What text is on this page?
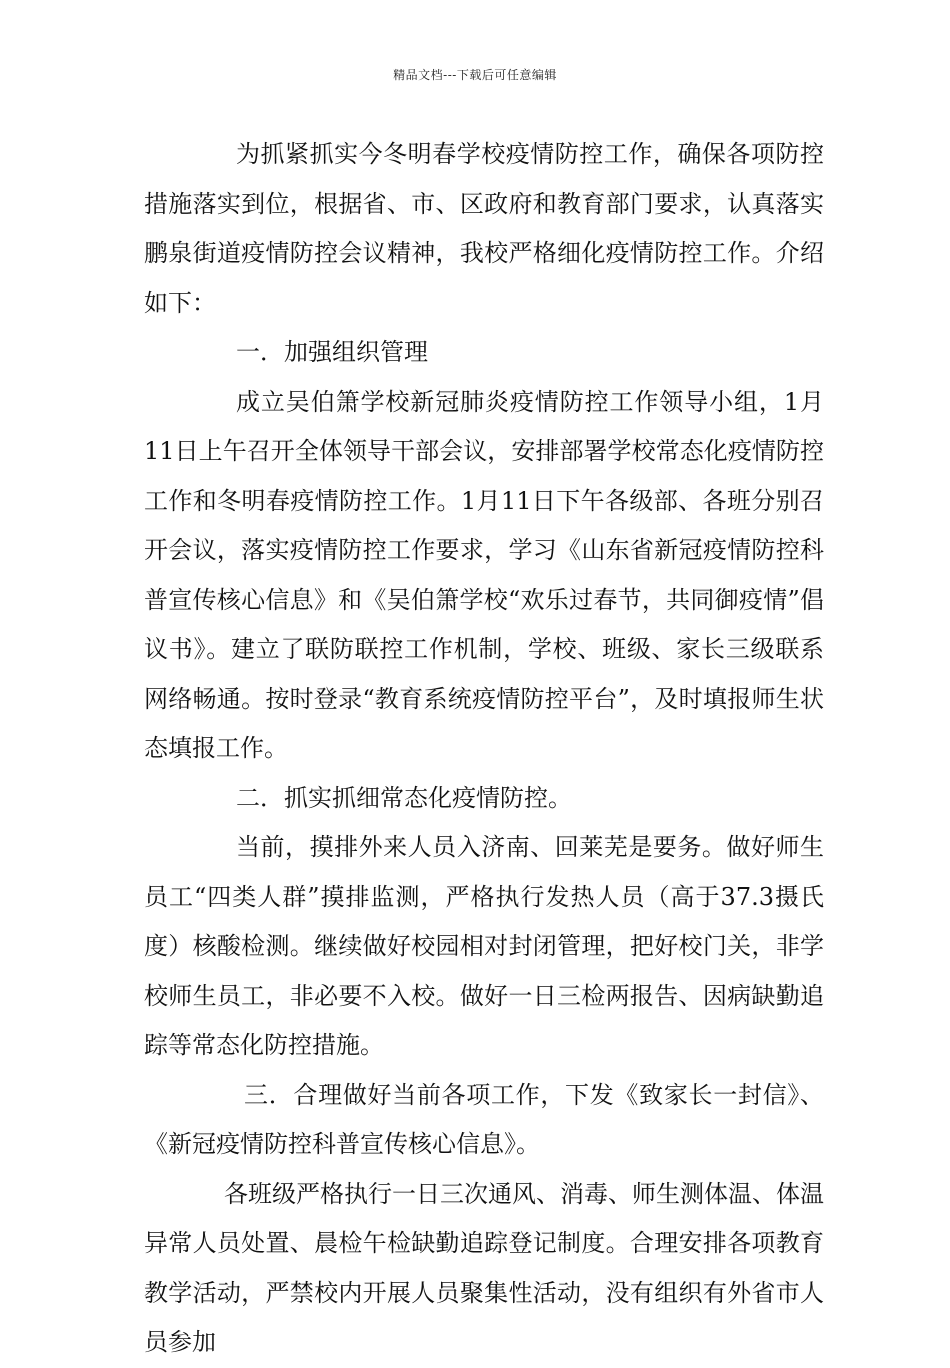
精品文档---下载后可任意编辑

为抓紧抓实今冬明春学校疫情防控工作，确保各项防控措施落实到位，根据省、市、区政府和教育部门要求，认真落实鹏泉街道疫情防控会议精神，我校严格细化疫情防控工作。介绍如下：

一．加强组织管理

成立吴伯箫学校新冠肺炎疫情防控工作领导小组，1月11日上午召开全体领导干部会议，安排部署学校常态化疫情防控工作和冬明春疫情防控工作。1月11日下午各级部、各班分别召开会议，落实疫情防控工作要求，学习《山东省新冠疫情防控科普宣传核心信息》和《吴伯箫学校“欢乐过春节，共同御疫情”倡议书》。建立了联防联控工作机制，学校、班级、家长三级联系网络畅通。按时登录“教育系统疫情防控平台”，及时填报师生状态填报工作。

二．抓实抓细常态化疫情防控。

当前，摸排外来人员入济南、回莱芜是要务。做好师生员工“四类人群”摸排监测，严格执行发热人员（高于37.3摄氏度）核酸检测。继续做好校园相对封闭管理，把好校门关，非学校师生员工，非必要不入校。做好一日三检两报告、因病缺勤追踪等常态化防控措施。

三．合理做好当前各项工作，下发《致家长一封信》、《新冠疫情防控科普宣传核心信息》。

各班级严格执行一日三次通风、消毒、师生测体温、体温异常人员处置、晨检午检缺勤追踪登记制度。合理安排各项教育教学活动，严禁校内开展人员聚集性活动，没有组织有外省市人员参加
